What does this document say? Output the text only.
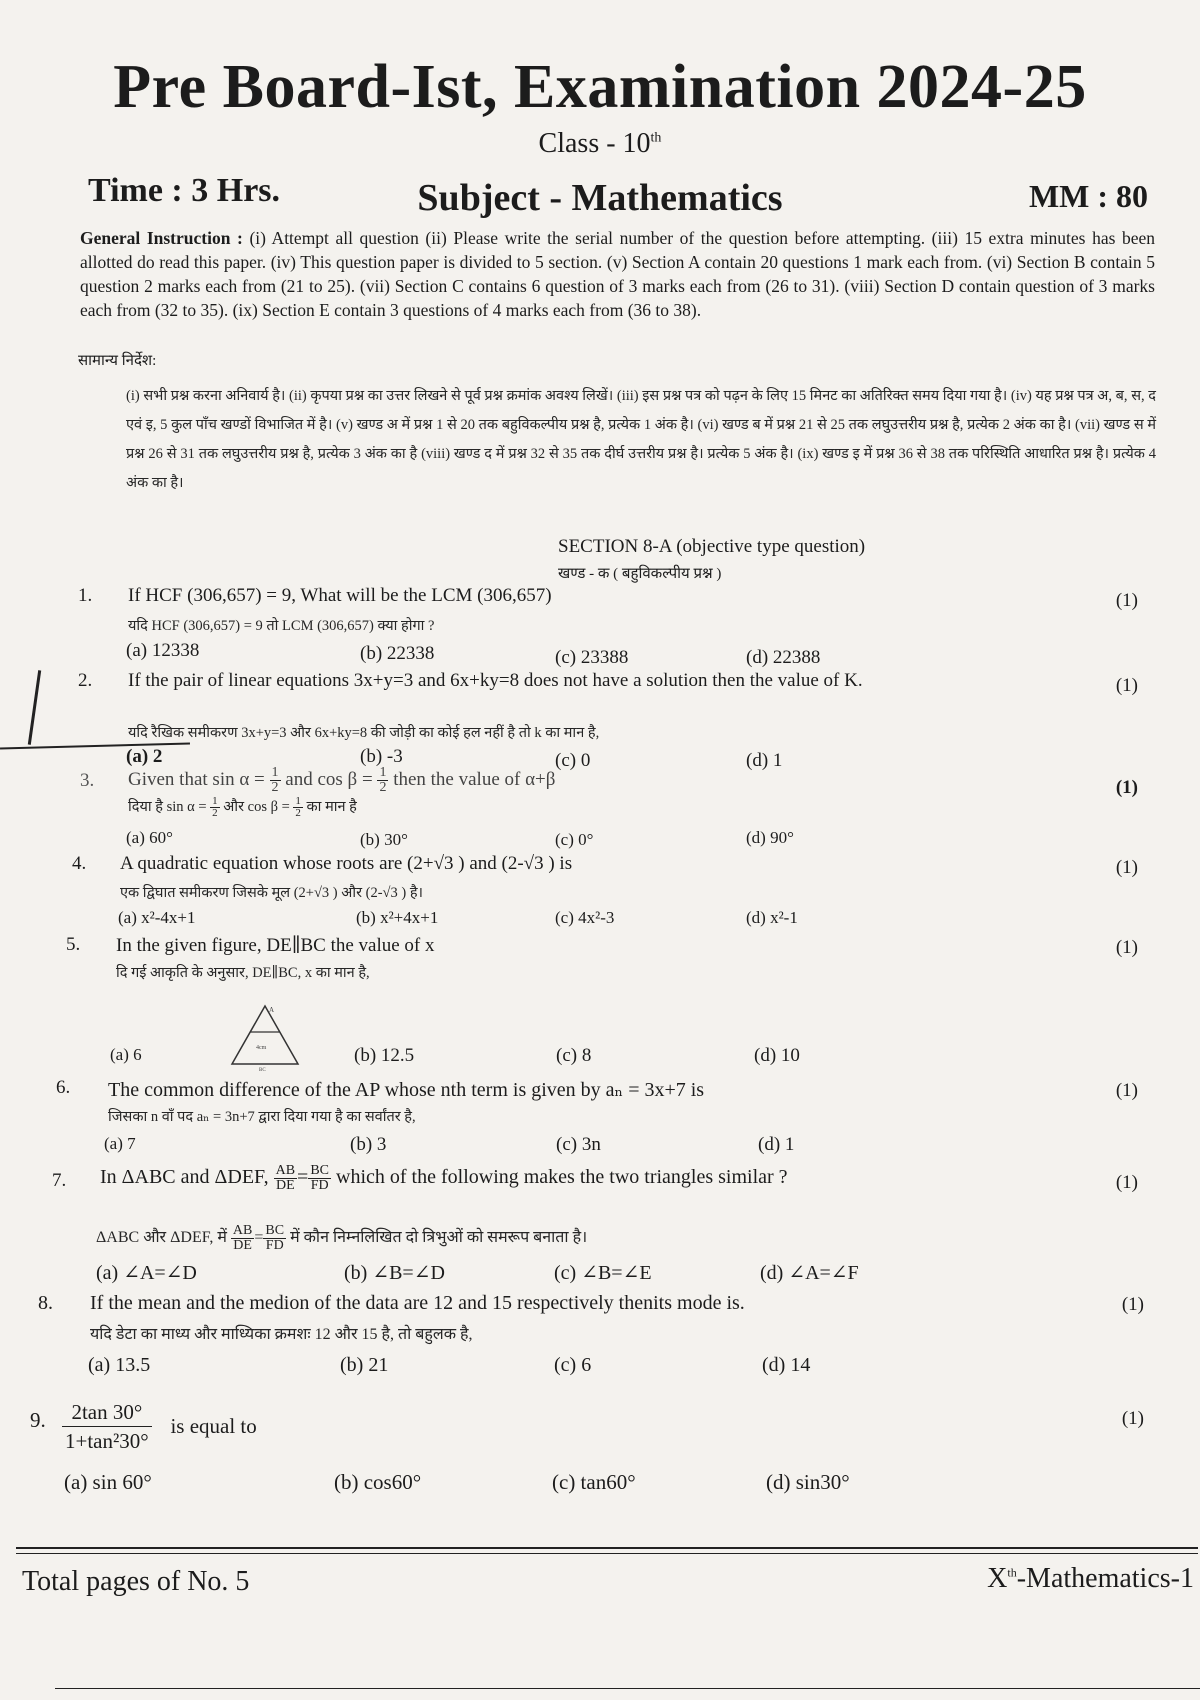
Pre Board-Ist, Examination 2024-25
Class - 10th
Time : 3 Hrs.	Subject - Mathematics	MM : 80
General Instruction : (i) Attempt all question (ii) Please write the serial number of the question before attempting. (iii) 15 extra minutes has been allotted do read this paper. (iv) This question paper is divided to 5 section. (v) Section A contain 20 questions 1 mark each from. (vi) Section B contain 5 question 2 marks each from (21 to 25). (vii) Section C contains 6 question of 3 marks each from (26 to 31). (viii) Section D contain question of 3 marks each from (32 to 35). (ix) Section E contain 3 questions of 4 marks each from (36 to 38).
सामान्य निर्देश:
(i) सभी प्रश्न करना अनिवार्य है। (ii) कृपया प्रश्न का उत्तर लिखने से पूर्व प्रश्न क्रमांक अवश्य लिखें। (iii) इस प्रश्न पत्र को पढ़न के लिए 15 मिनट का अतिरिक्त समय दिया गया है। (iv) यह प्रश्न पत्र अ, ब, स, द एवं इ, 5 कुल पाँच खण्डों विभाजित में है। (v) खण्ड अ में प्रश्न 1 से 20 तक बहुविकल्पीय प्रश्न है, प्रत्येक 1 अंक है। (vi) खण्ड ब में प्रश्न 21 से 25 तक लघुउत्तरीय प्रश्न है, प्रत्येक 2 अंक का है। (vii) खण्ड स में प्रश्न 26 से 31 तक लघुउत्तरीय प्रश्न है, प्रत्येक 3 अंक का है (viii) खण्ड द में प्रश्न 32 से 35 तक दीर्घ उत्तरीय प्रश्न है। प्रत्येक 5 अंक है। (ix) खण्ड इ में प्रश्न 36 से 38 तक परिस्थिति आधारित प्रश्न है। प्रत्येक 4 अंक का है।
SECTION 8-A (objective type question)
खण्ड - क ( बहुविकल्पीय प्रश्न )
1. If HCF (306,657) = 9, What will be the LCM (306,657)
यदि HCF (306,657) = 9 तो LCM (306,657) क्या होगा ?
(1)
(a) 12338	(b) 22338	(c) 23388	(d) 22388
2. If the pair of linear equations 3x+y=3 and 6x+ky=8 does not have a solution then the value of K.	(1)
यदि रैखिक समीकरण 3x+y=3 और 6x+ky=8 की जोड़ी का कोई हल नहीं है तो k का मान है,
(a) 2	(b) -3	(c) 0	(d) 1
3. Given that $\sin \alpha = \frac{1}{2}$ and $\cos \beta = \frac{1}{2}$ then the value of α+β	(1)
दिया है $\sin \alpha = \frac{1}{2}$ और $\cos \beta = \frac{1}{2}$ का मान है
(a) 60°	(b) 30°	(c) 0°	(d) 90°
4. A quadratic equation whose roots are (2+√3 ) and (2-√3 ) is	(1)
एक द्विघात समीकरण जिसके मूल (2+√3 ) और (2-√3 ) है।
(a) x²-4x+1	(b) x²+4x+1	(c) 4x²-3	(d) x²-1
5. In the given figure, DE∥BC the value of x	(1)
दि गई आकृति के अनुसार, DE∥BC, x का मान है,
A
4cm
BC
(a) 6	(b) 12.5	(c) 8	(d) 10
6. The common difference of the AP whose nth term is given by aₙ = 3x+7 is	(1)
जिसका n वाँ पद aₙ = 3n+7 द्वारा दिया गया है का सर्वांतर है,
(a) 7	(b) 3	(c) 3n	(d) 1
7. In ΔABC and ΔDEF, $\frac{AB}{DE} = \frac{BC}{FD}$ which of the following makes the two triangles similar ?	(1)
ΔABC और ΔDEF, में $\frac{AB}{DE} = \frac{BC}{FD}$ में कौन निम्नलिखित दो त्रिभुओं को समरूप बनाता है।
(a) ∠A=∠D	(b) ∠B=∠D	(c) ∠B=∠E	(d) ∠A=∠F
8. If the mean and the medion of the data are 12 and 15 respectively thenits mode is.	(1)
यदि डेटा का माध्य और माध्यिका क्रमशः 12 और 15 है, तो बहुलक है,
(a) 13.5	(b) 21	(c) 6	(d) 14
9. $\frac{2\tan 30^\circ}{\text{1+tan²30°}}$ is equal to	(1)
(a) sin 60°	(b) cos60°	(c) tan60°	(d) sin30°
Total pages of No. 5	Xth-Mathematics-1
